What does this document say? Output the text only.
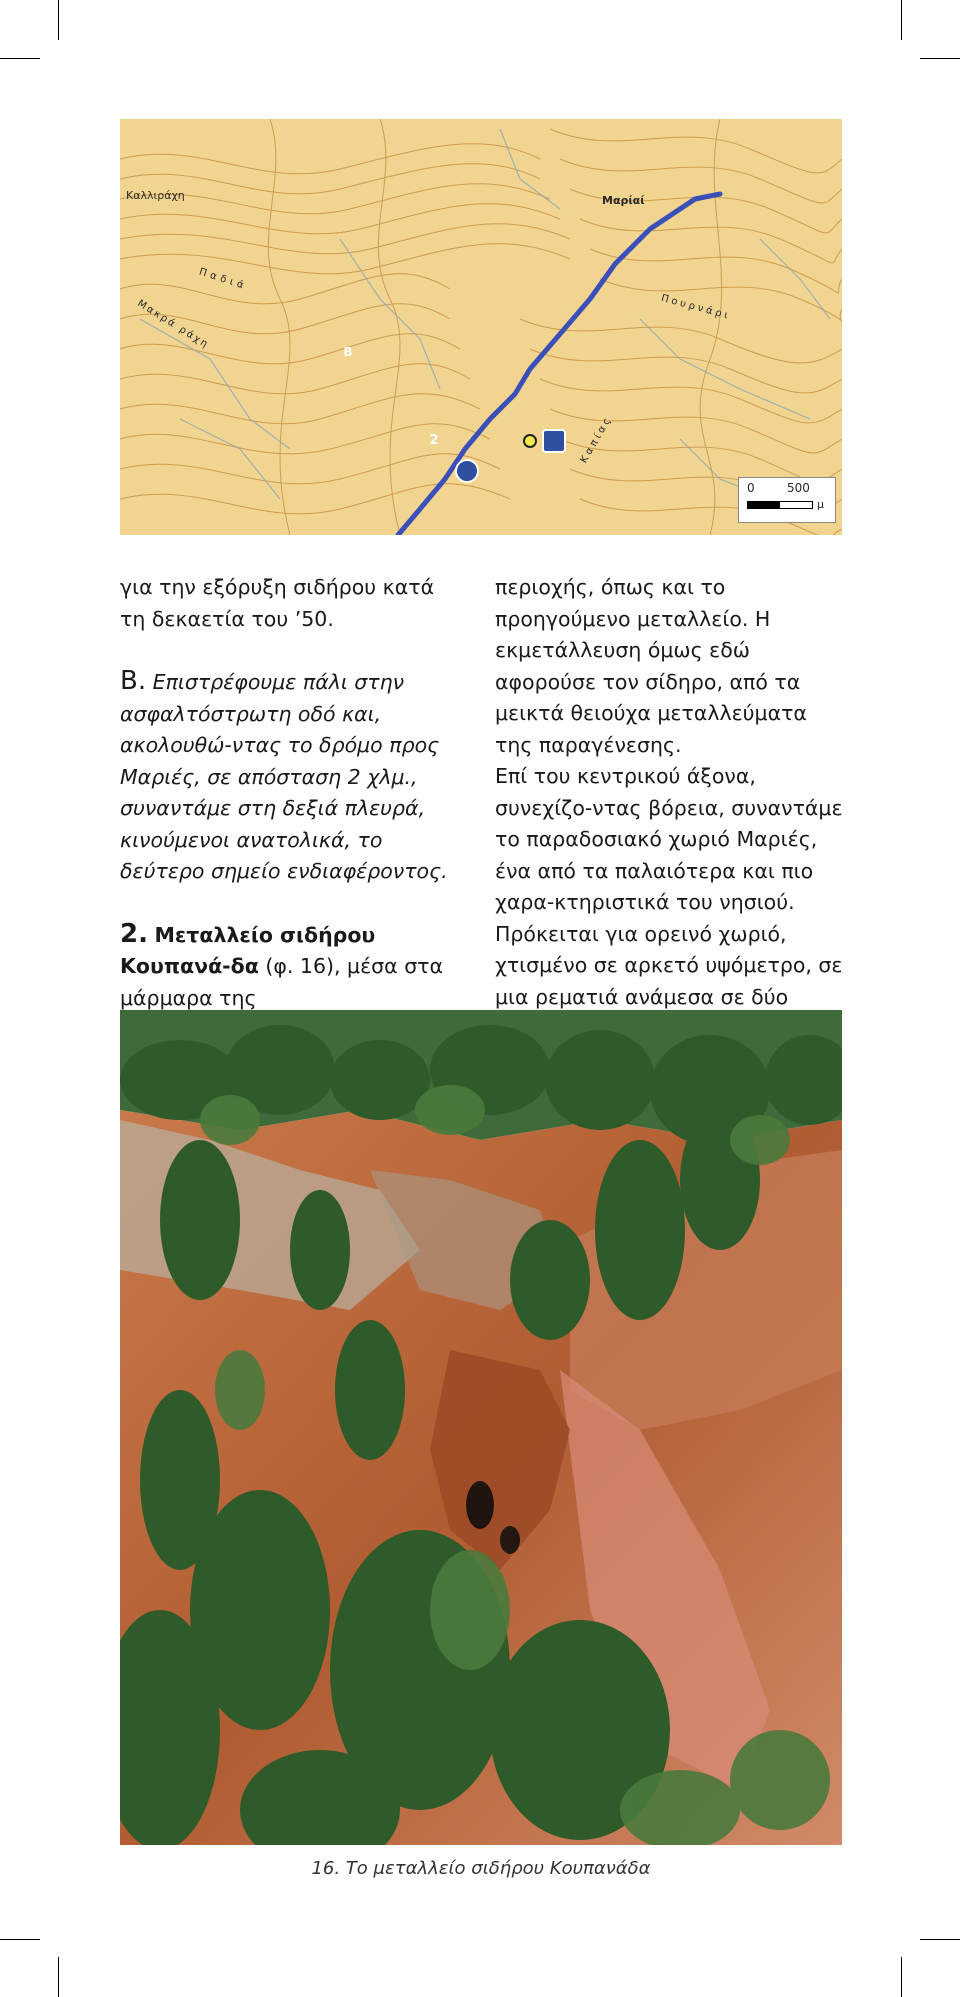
Καλλιράχη	Μαρίαί
Παδιά
Μακρά ράχη	Πουρνάρι
Καπίας
Β
2
0	500
μ

για την εξόρυξη σιδήρου κατά τη δεκαετία του ’50.

Β. Επιστρέφουμε πάλι στην ασφαλτόστρωτη οδό και, ακολουθώ-ντας το δρόμο προς Μαριές, σε απόσταση 2 χλμ., συναντάμε στη δεξιά πλευρά, κινούμενοι ανατολικά, το δεύτερο σημείο ενδιαφέροντος.

2. Μεταλλείο σιδήρου Κουπανά-δα (φ. 16), μέσα στα μάρμαρα της

περιοχής, όπως και το προηγούμενο μεταλλείο. Η εκμετάλλευση όμως εδώ αφορούσε τον σίδηρο, από τα μεικτά θειούχα μεταλλεύματα της παραγένεσης.

Επί του κεντρικού άξονα, συνεχίζο-ντας βόρεια, συναντάμε το παραδοσιακό χωριό Μαριές, ένα από τα παλαιότερα και πιο χαρα-κτηριστικά του νησιού.

Πρόκειται για ορεινό χωριό, χτισμένο σε αρκετό υψόμετρο, σε μια ρεματιά ανάμεσα σε δύο

16. Το μεταλλείο σιδήρου Κουπανάδα
